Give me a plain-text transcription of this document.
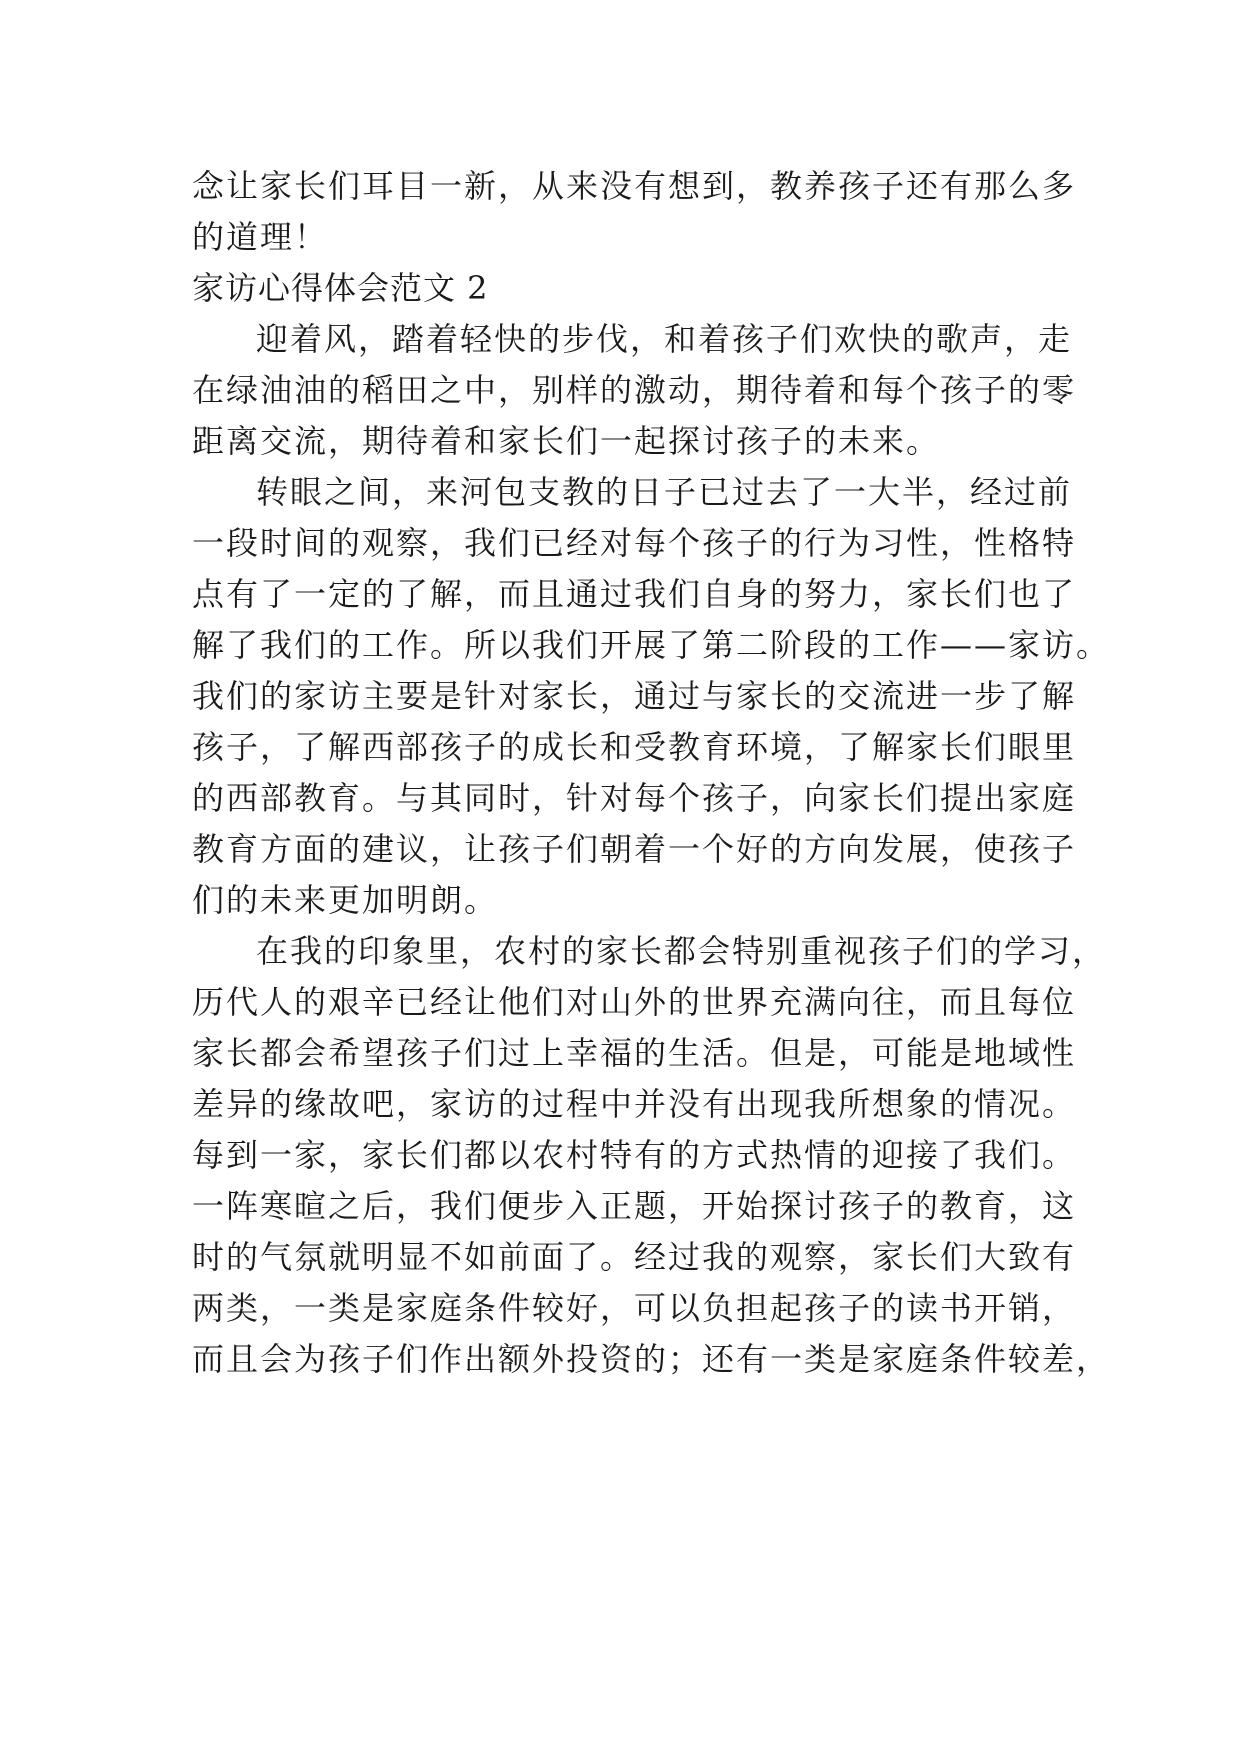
念让家长们耳目一新，从来没有想到，教养孩子还有那么多
的道理！
家访心得体会范文 2
迎着风，踏着轻快的步伐，和着孩子们欢快的歌声，走
在绿油油的稻田之中，别样的激动，期待着和每个孩子的零
距离交流，期待着和家长们一起探讨孩子的未来。
转眼之间，来河包支教的日子已过去了一大半，经过前
一段时间的观察，我们已经对每个孩子的行为习性，性格特
点有了一定的了解，而且通过我们自身的努力，家长们也了
解了我们的工作。所以我们开展了第二阶段的工作——家访。
我们的家访主要是针对家长，通过与家长的交流进一步了解
孩子，了解西部孩子的成长和受教育环境，了解家长们眼里
的西部教育。与其同时，针对每个孩子，向家长们提出家庭
教育方面的建议，让孩子们朝着一个好的方向发展，使孩子
们的未来更加明朗。
在我的印象里，农村的家长都会特别重视孩子们的学习，
历代人的艰辛已经让他们对山外的世界充满向往，而且每位
家长都会希望孩子们过上幸福的生活。但是，可能是地域性
差异的缘故吧，家访的过程中并没有出现我所想象的情况。
每到一家，家长们都以农村特有的方式热情的迎接了我们。
一阵寒暄之后，我们便步入正题，开始探讨孩子的教育，这
时的气氛就明显不如前面了。经过我的观察，家长们大致有
两类，一类是家庭条件较好，可以负担起孩子的读书开销，
而且会为孩子们作出额外投资的；还有一类是家庭条件较差，
